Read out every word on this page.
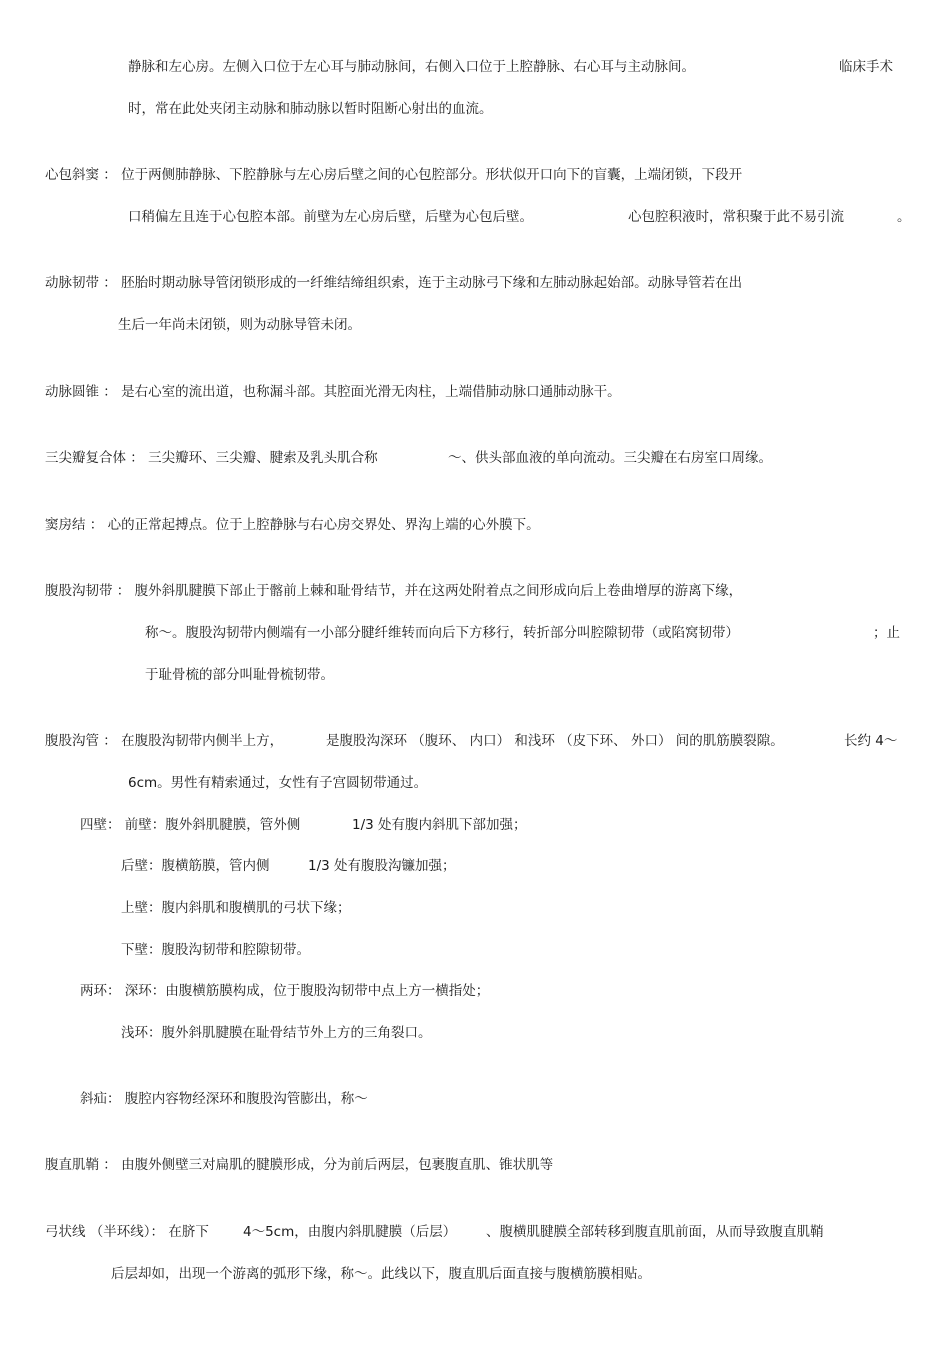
静脉和左心房。左侧入口位于左心耳与肺动脉间，右侧入口位于上腔静脉、右心耳与主动脉间。	临床手术
时，常在此处夹闭主动脉和肺动脉以暂时阻断心射出的血流。
心包斜窦 ： 位于两侧肺静脉、下腔静脉与左心房后壁之间的心包腔部分。形状似开口向下的盲囊，上端闭锁，下段开
口稍偏左且连于心包腔本部。前壁为左心房后壁，后壁为心包后壁。	心包腔积液时，常积聚于此不易引流	。
动脉韧带 ： 胚胎时期动脉导管闭锁形成的一纤维结缔组织索，连于主动脉弓下缘和左肺动脉起始部。动脉导管若在出
生后一年尚未闭锁，则为动脉导管未闭。
动脉圆锥 ： 是右心室的流出道，也称漏斗部。其腔面光滑无肉柱，上端借肺动脉口通肺动脉干。
三尖瓣复合体 ： 三尖瓣环、三尖瓣、腱索及乳头肌合称	～、供头部血液的单向流动。三尖瓣在右房室口周缘。
窦房结 ： 心的正常起搏点。位于上腔静脉与右心房交界处、界沟上端的心外膜下。
腹股沟韧带 ： 腹外斜肌腱膜下部止于髂前上棘和耻骨结节，并在这两处附着点之间形成向后上卷曲增厚的游离下缘，
称～。腹股沟韧带内侧端有一小部分腱纤维转而向后下方移行，转折部分叫腔隙韧带（或陷窝韧带）	；止
于耻骨梳的部分叫耻骨梳韧带。
腹股沟管 ： 在腹股沟韧带内侧半上方，	是腹股沟深环 （腹环、 内口） 和浅环 （皮下环、 外口） 间的肌筋膜裂隙。	长约 4～
6cm。男性有精索通过，女性有子宫圆韧带通过。
四壁： 前壁：腹外斜肌腱膜，管外侧	1/3 处有腹内斜肌下部加强；
后壁：腹横筋膜，管内侧	1/3 处有腹股沟镰加强；
上壁：腹内斜肌和腹横肌的弓状下缘；
下壁：腹股沟韧带和腔隙韧带。
两环： 深环：由腹横筋膜构成，位于腹股沟韧带中点上方一横指处；
浅环：腹外斜肌腱膜在耻骨结节外上方的三角裂口。
斜疝： 腹腔内容物经深环和腹股沟管膨出，称～
腹直肌鞘 ： 由腹外侧壁三对扁肌的腱膜形成，分为前后两层，包裹腹直肌、锥状肌等
弓状线 （半环线）： 在脐下	4～5cm，由腹内斜肌腱膜（后层） 、腹横肌腱膜全部转移到腹直肌前面，从而导致腹直肌鞘
后层却如，出现一个游离的弧形下缘，称～。此线以下，腹直肌后面直接与腹横筋膜相贴。
